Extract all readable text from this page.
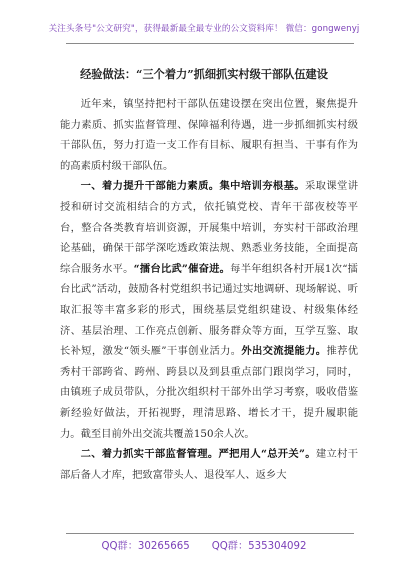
关注头条号"公文研究"，获得最新最全最专业的公文资料库！ 微信：gongwenyj
经验做法：“三个着力”抓细抓实村级干部队伍建设

近年来，镇坚持把村干部队伍建设摆在突出位置，聚焦提升能力素质、抓实监督管理、保障福利待遇，进一步抓细抓实村级干部队伍，努力打造一支工作有目标、履职有担当、干事有作为的高素质村级干部队伍。

一、着力提升干部能力素质。集中培训夯根基。采取课堂讲授和研讨交流相结合的方式，依托镇党校、青年干部夜校等平台，整合各类教育培训资源，开展集中培训，夯实村干部政治理论基础，确保干部学深吃透政策法规、熟悉业务技能，全面提高综合服务水平。“擂台比武”催奋进。每半年组织各村开展1次“擂台比武”活动，鼓励各村党组织书记通过实地调研、现场解说、听取汇报等丰富多彩的形式，围绕基层党组织建设、村级集体经济、基层治理、工作亮点创新、服务群众等方面，互学互鉴、取长补短，激发“领头雁”干事创业活力。外出交流提能力。推荐优秀村干部跨省、跨州、跨县以及到县重点部门跟岗学习，同时，由镇班子成员带队，分批次组织村干部外出学习考察，吸收借鉴新经验好做法，开拓视野，理清思路、增长才干，提升履职能力。截至目前外出交流共覆盖150余人次。

二、着力抓实干部监督管理。严把用人“总开关”。建立村干部后备人才库，把致富带头人、退役军人、返乡大

QQ群：30265665 QQ群：535304092
